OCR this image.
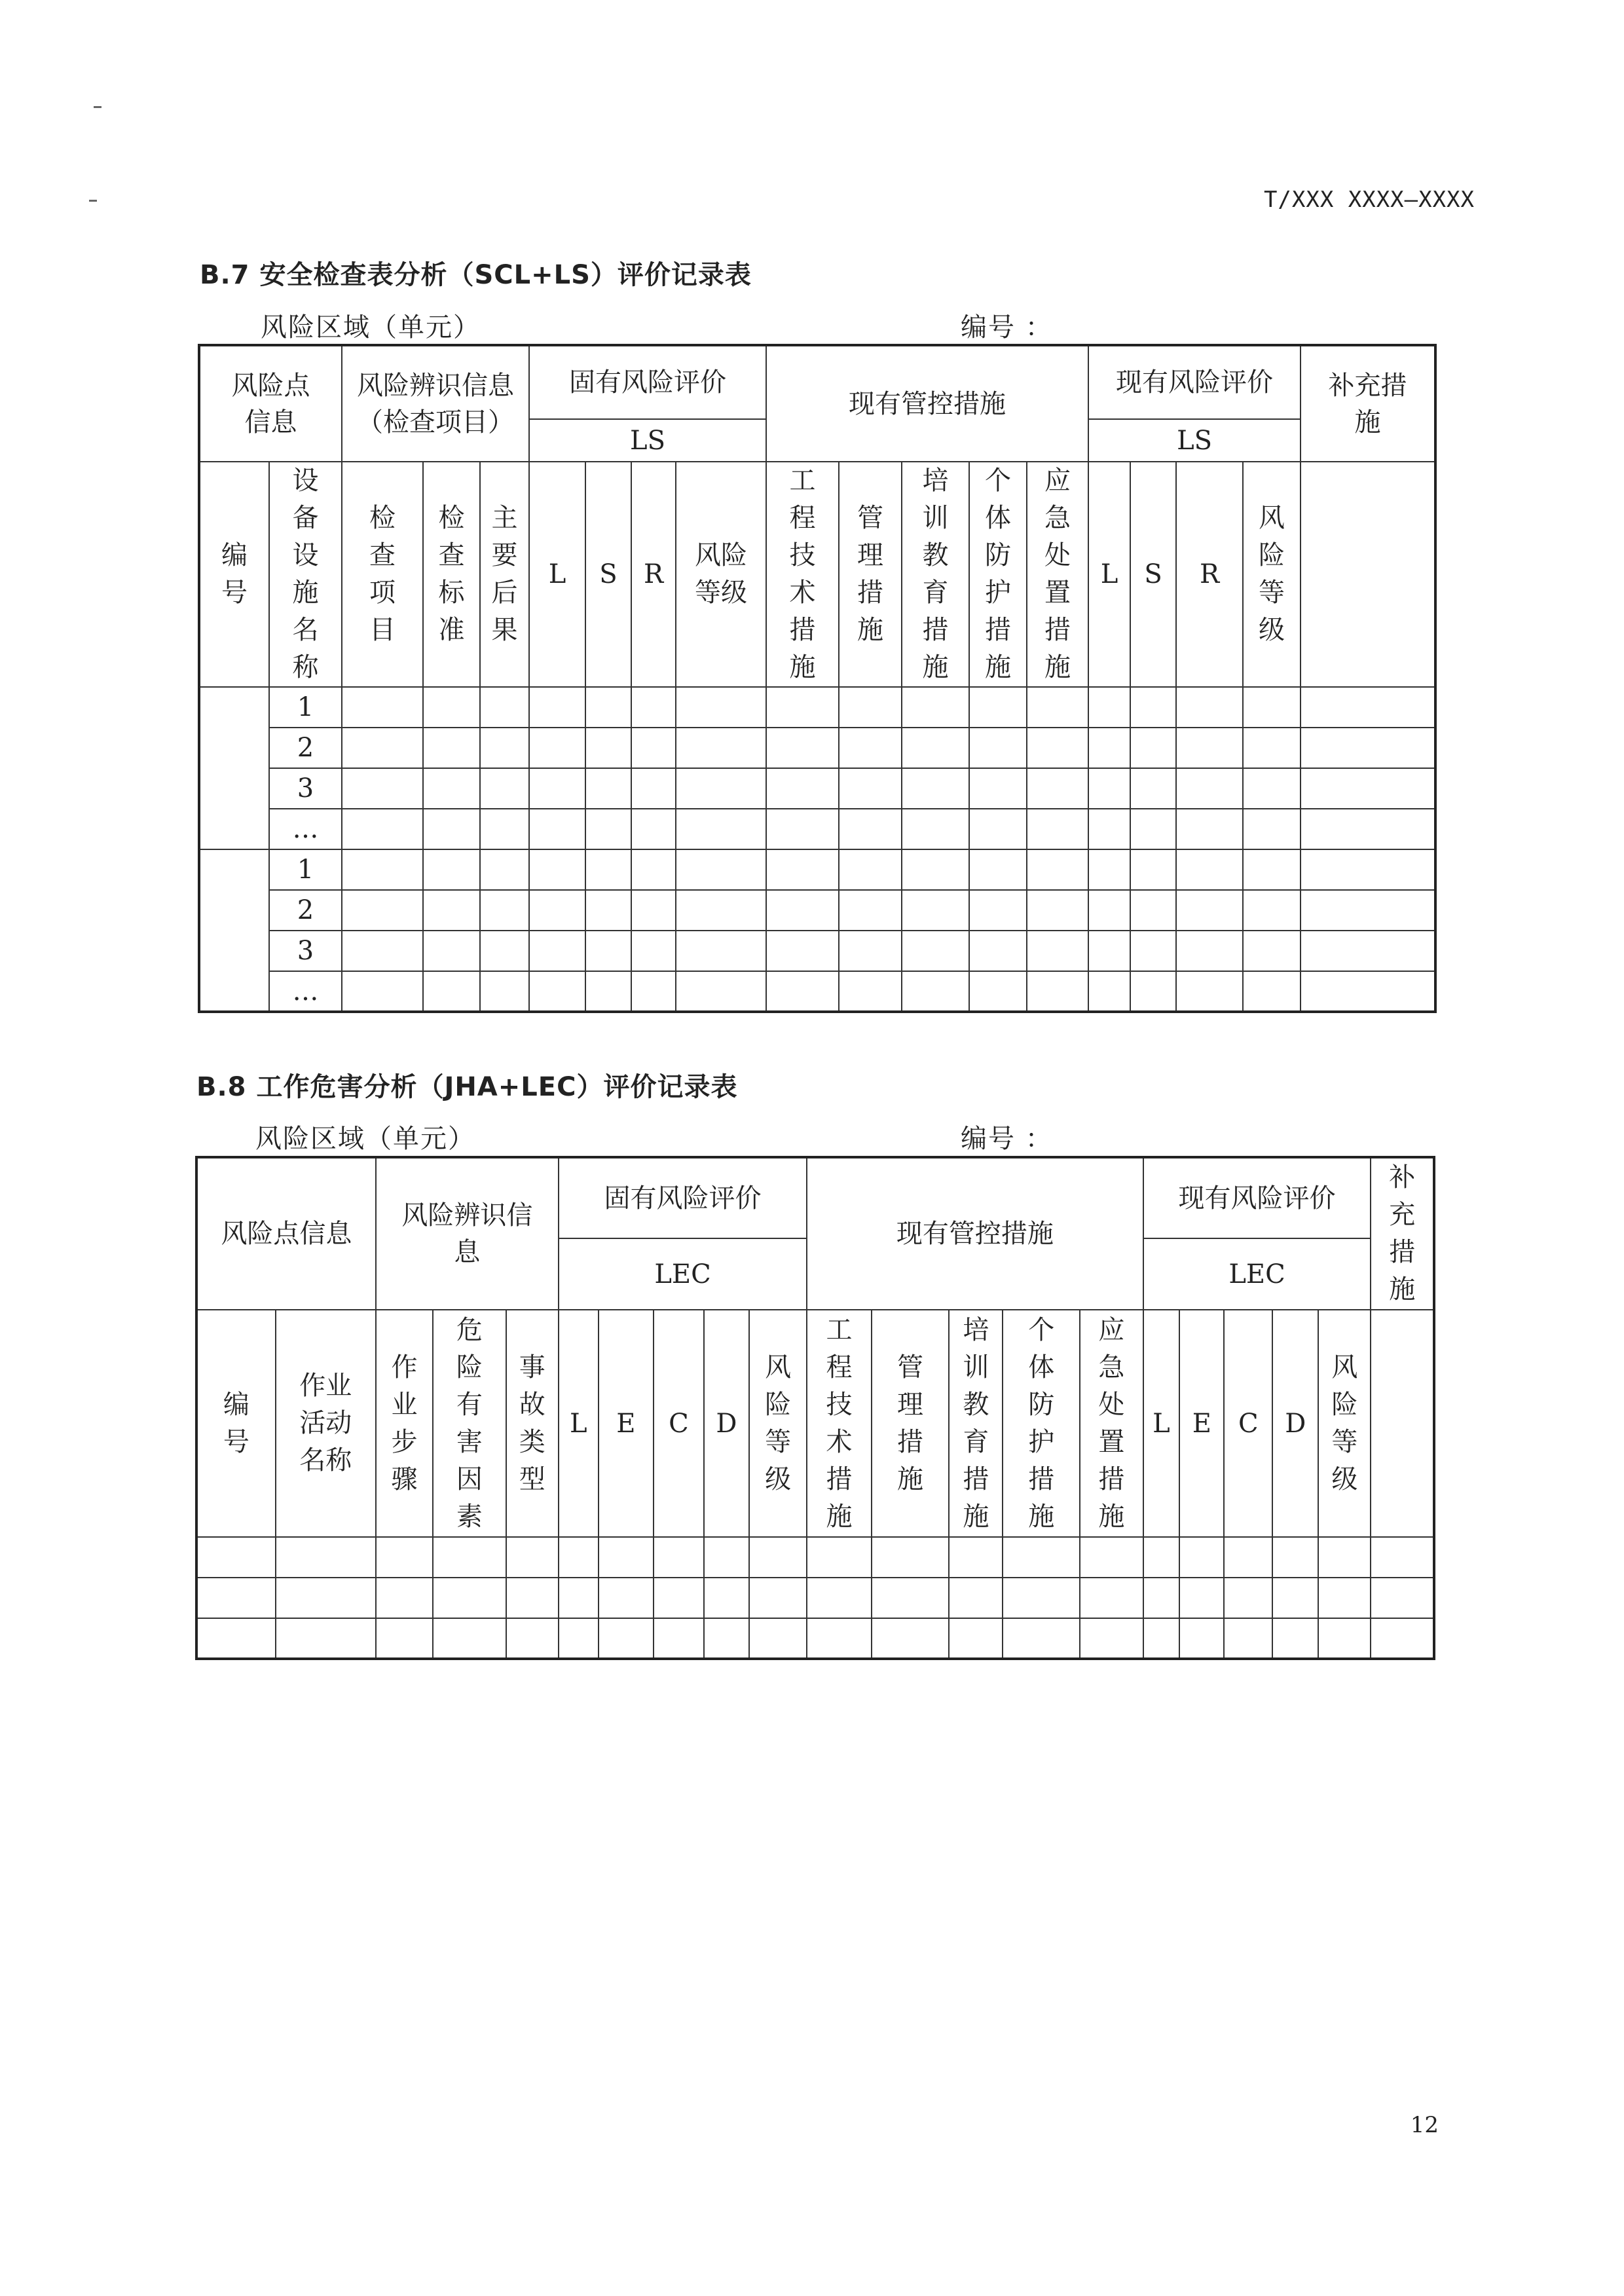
T/XXX XXXX—XXXX
B.7 安全检查表分析（SCL+LS）评价记录表
风险区域（单元）	编号 ：
风险点信息		风险辨识信息（检查项目）			固有风险评价				现有管控措施					现有风险评价				补充措施
					LS									LS				
编号	设备设施名称	检查项目	检查标准	主要后果	L	S	R	风险等级	工程技术措施	管理措施	培训教育措施	个体防护措施	应急处置措施	L	S	R	风险等级	
	1																	
	2																	
	3																	
	…																	
	1																	
	2																	
	3																	
	…																	
B.8 工作危害分析（JHA+LEC）评价记录表
风险区域（单元）	编号 ：
风险点信息		风险辨识信息			固有风险评价					现有管控措施					现有风险评价					补充措施
					LEC										LEC					
编号	作业活动名称	作业步骤	危险有害因素	事故类型	L	E	C	D	风险等级	工程技术措施	管理措施	培训教育措施	个体防护措施	应急处置措施	L	E	C	D	风险等级	

12
